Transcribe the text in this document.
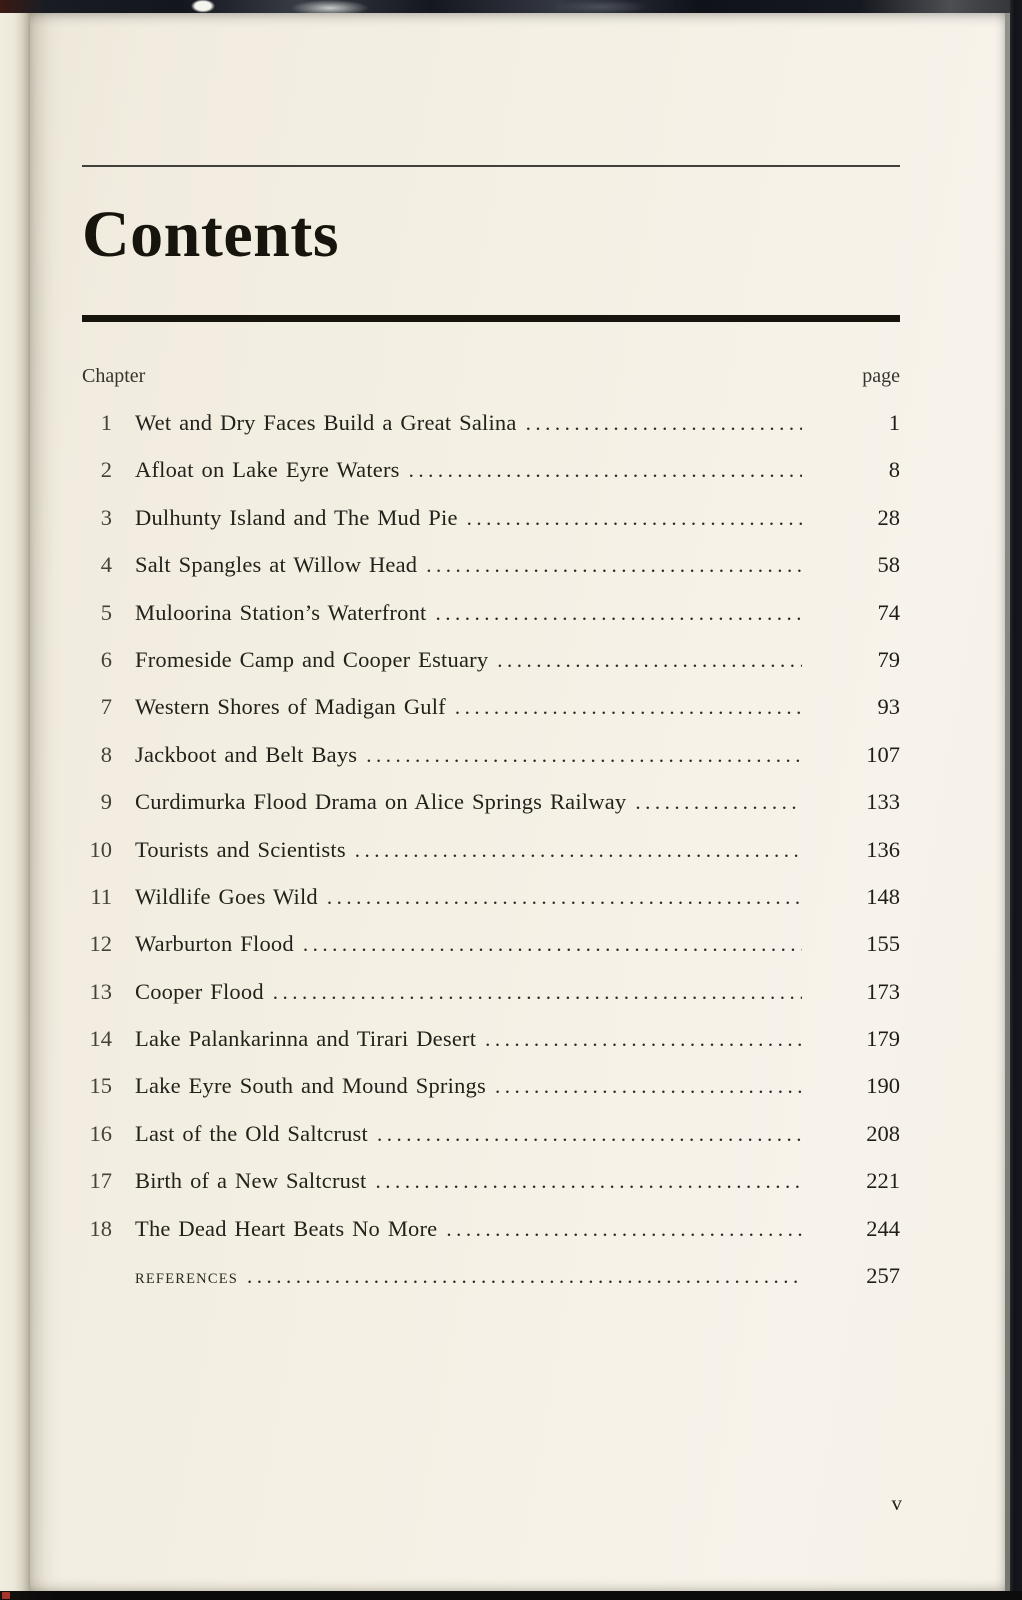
Contents
Chapter	page
1 Wet and Dry Faces Build a Great Salina .....	1
2 Afloat on Lake Eyre Waters .....	8
3 Dulhunty Island and The Mud Pie .....	28
4 Salt Spangles at Willow Head .....	58
5 Muloorina Station’s Waterfront .....	74
6 Fromeside Camp and Cooper Estuary .....	79
7 Western Shores of Madigan Gulf .....	93
8 Jackboot and Belt Bays .....	107
9 Curdimurka Flood Drama on Alice Springs Railway .....	133
10 Tourists and Scientists .....	136
11 Wildlife Goes Wild .....	148
12 Warburton Flood .....	155
13 Cooper Flood .....	173
14 Lake Palankarinna and Tirari Desert .....	179
15 Lake Eyre South and Mound Springs .....	190
16 Last of the Old Saltcrust .....	208
17 Birth of a New Saltcrust .....	221
18 The Dead Heart Beats No More .....	244
REFERENCES .....	257
v
